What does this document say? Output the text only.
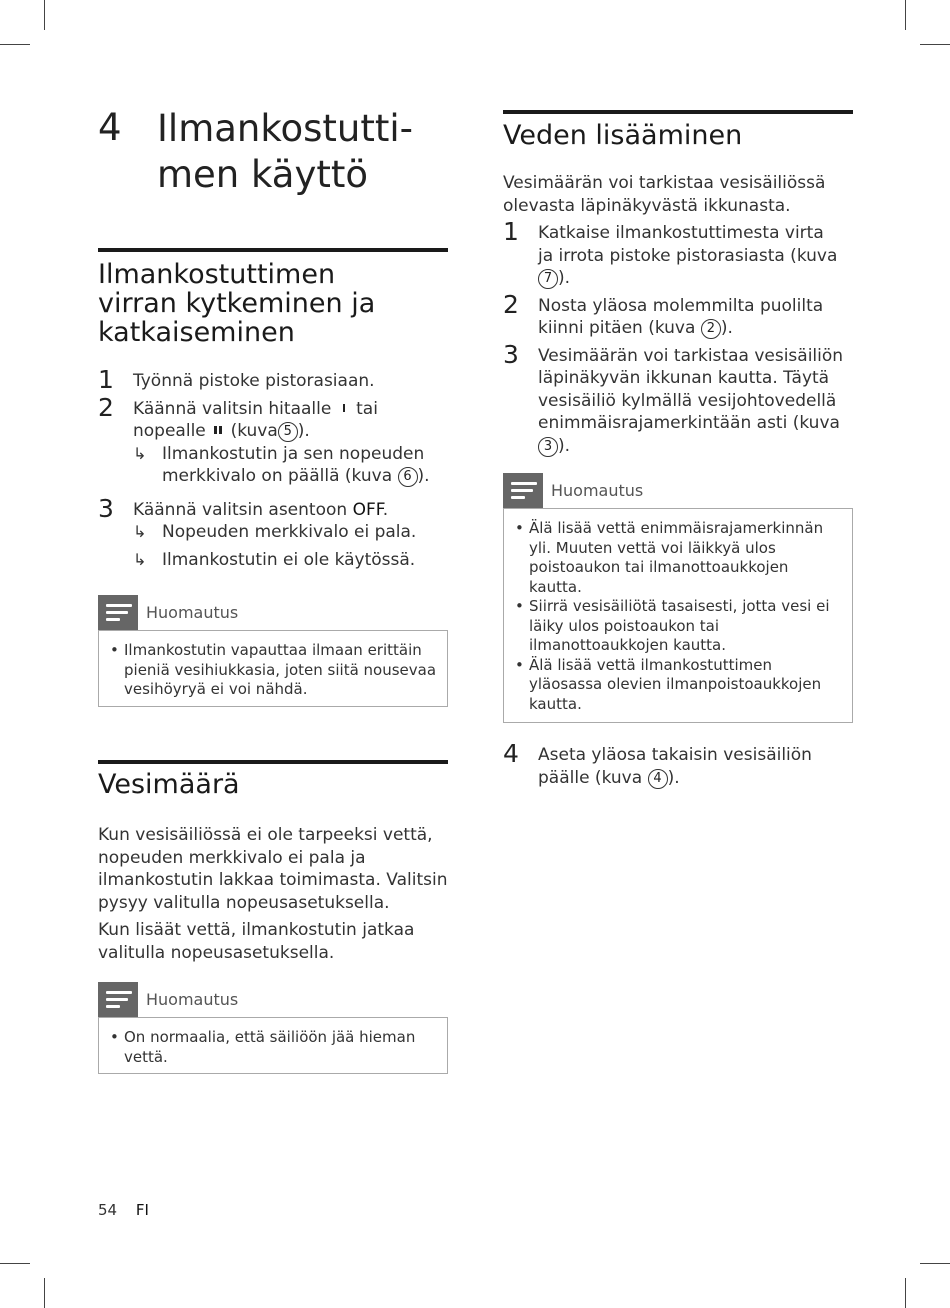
4 Ilmankostutti-
men käyttö
Ilmankostuttimen virran kytkeminen ja katkaiseminen
1 Työnnä pistoke pistorasiaan.
2 Käännä valitsin hitaalle tai nopealle (kuva 5 ).
↳ Ilmankostutin ja sen nopeuden merkkivalo on päällä (kuva 6 ).
3 Käännä valitsin asentoon OFF.
↳ Nopeuden merkkivalo ei pala.
↳ Ilmankostutin ei ole käytössä.
Huomautus
• Ilmankostutin vapauttaa ilmaan erittäin pieniä vesihiukkasia, joten siitä nousevaa vesihöyryä ei voi nähdä.
Vesimäärä

Kun vesisäiliössä ei ole tarpeeksi vettä, nopeuden merkkivalo ei pala ja ilmankostutin lakkaa toimimasta. Valitsin pysyy valitulla nopeusasetuksella.

Kun lisäät vettä, ilmankostutin jatkaa valitulla nopeusasetuksella.

Huomautus
• On normaalia, että säiliöön jää hieman vettä.
Veden lisääminen

Vesimäärän voi tarkistaa vesisäiliössä olevasta läpinäkyvästä ikkunasta.

1 Katkaise ilmankostuttimesta virta ja irrota pistoke pistorasiasta (kuva 7 ).
2 Nosta yläosa molemmilta puolilta kiinni pitäen (kuva 2 ).
3 Vesimäärän voi tarkistaa vesisäiliön läpinäkyvän ikkunan kautta. Täytä vesisäiliö kylmällä vesijohtovedellä enimmäisrajamerkintään asti (kuva 3 ).
Huomautus
• Älä lisää vettä enimmäisrajamerkinnän yli. Muuten vettä voi läikkyä ulos poistoaukon tai ilmanottoaukkojen kautta.
• Siirrä vesisäiliötä tasaisesti, jotta vesi ei läiky ulos poistoaukon tai ilmanottoaukkojen kautta.
• Älä lisää vettä ilmankostuttimen yläosassa olevien ilmanpoistoaukkojen kautta.
4 Aseta yläosa takaisin vesisäiliön päälle (kuva 4 ).
54 FI
